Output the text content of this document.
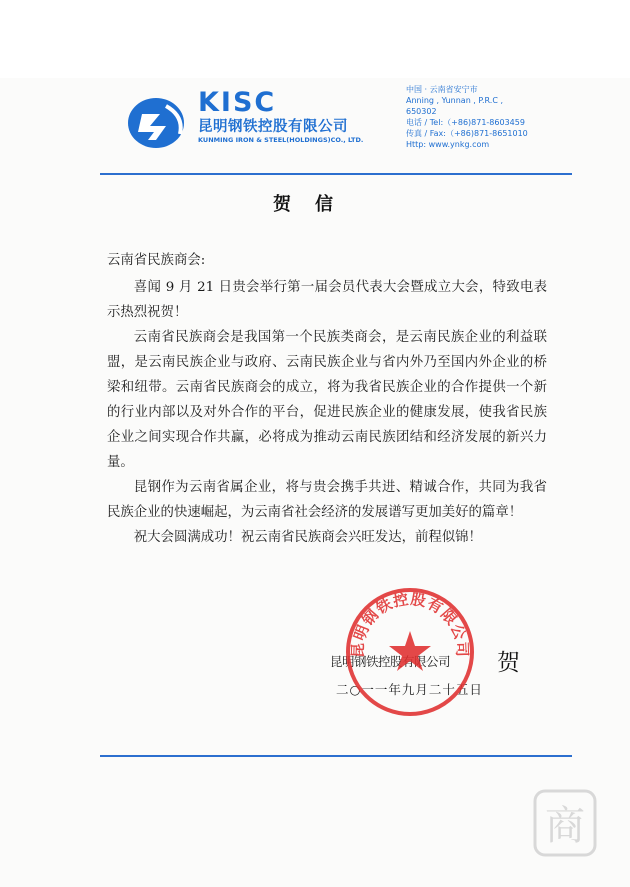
KISC
昆明钢铁控股有限公司
KUNMING IRON & STEEL(HOLDINGS)CO., LTD.
中国 · 云南省安宁市
Anning , Yunnan , P.R.C ,
650302
电话 / Tel:（+86)871-8603459
传真 / Fax:（+86)871-8651010
Http: www.ynkg.com
贺信

云南省民族商会:

喜闻 9 月 21 日贵会举行第一届会员代表大会暨成立大会，特致电表示热烈祝贺！

云南省民族商会是我国第一个民族类商会，是云南民族企业的利益联盟，是云南民族企业与政府、云南民族企业与省内外乃至国内外企业的桥梁和纽带。云南省民族商会的成立，将为我省民族企业的合作提供一个新的行业内部以及对外合作的平台，促进民族企业的健康发展，使我省民族企业之间实现合作共赢，必将成为推动云南民族团结和经济发展的新兴力量。

昆钢作为云南省属企业，将与贵会携手共进、精诚合作，共同为我省民族企业的快速崛起，为云南省社会经济的发展谱写更加美好的篇章！

祝大会圆满成功！祝云南省民族商会兴旺发达，前程似锦！

昆明钢铁控股有限公司 贺
二○一一年九月二十五日
昆明钢铁控股有限公司
商
